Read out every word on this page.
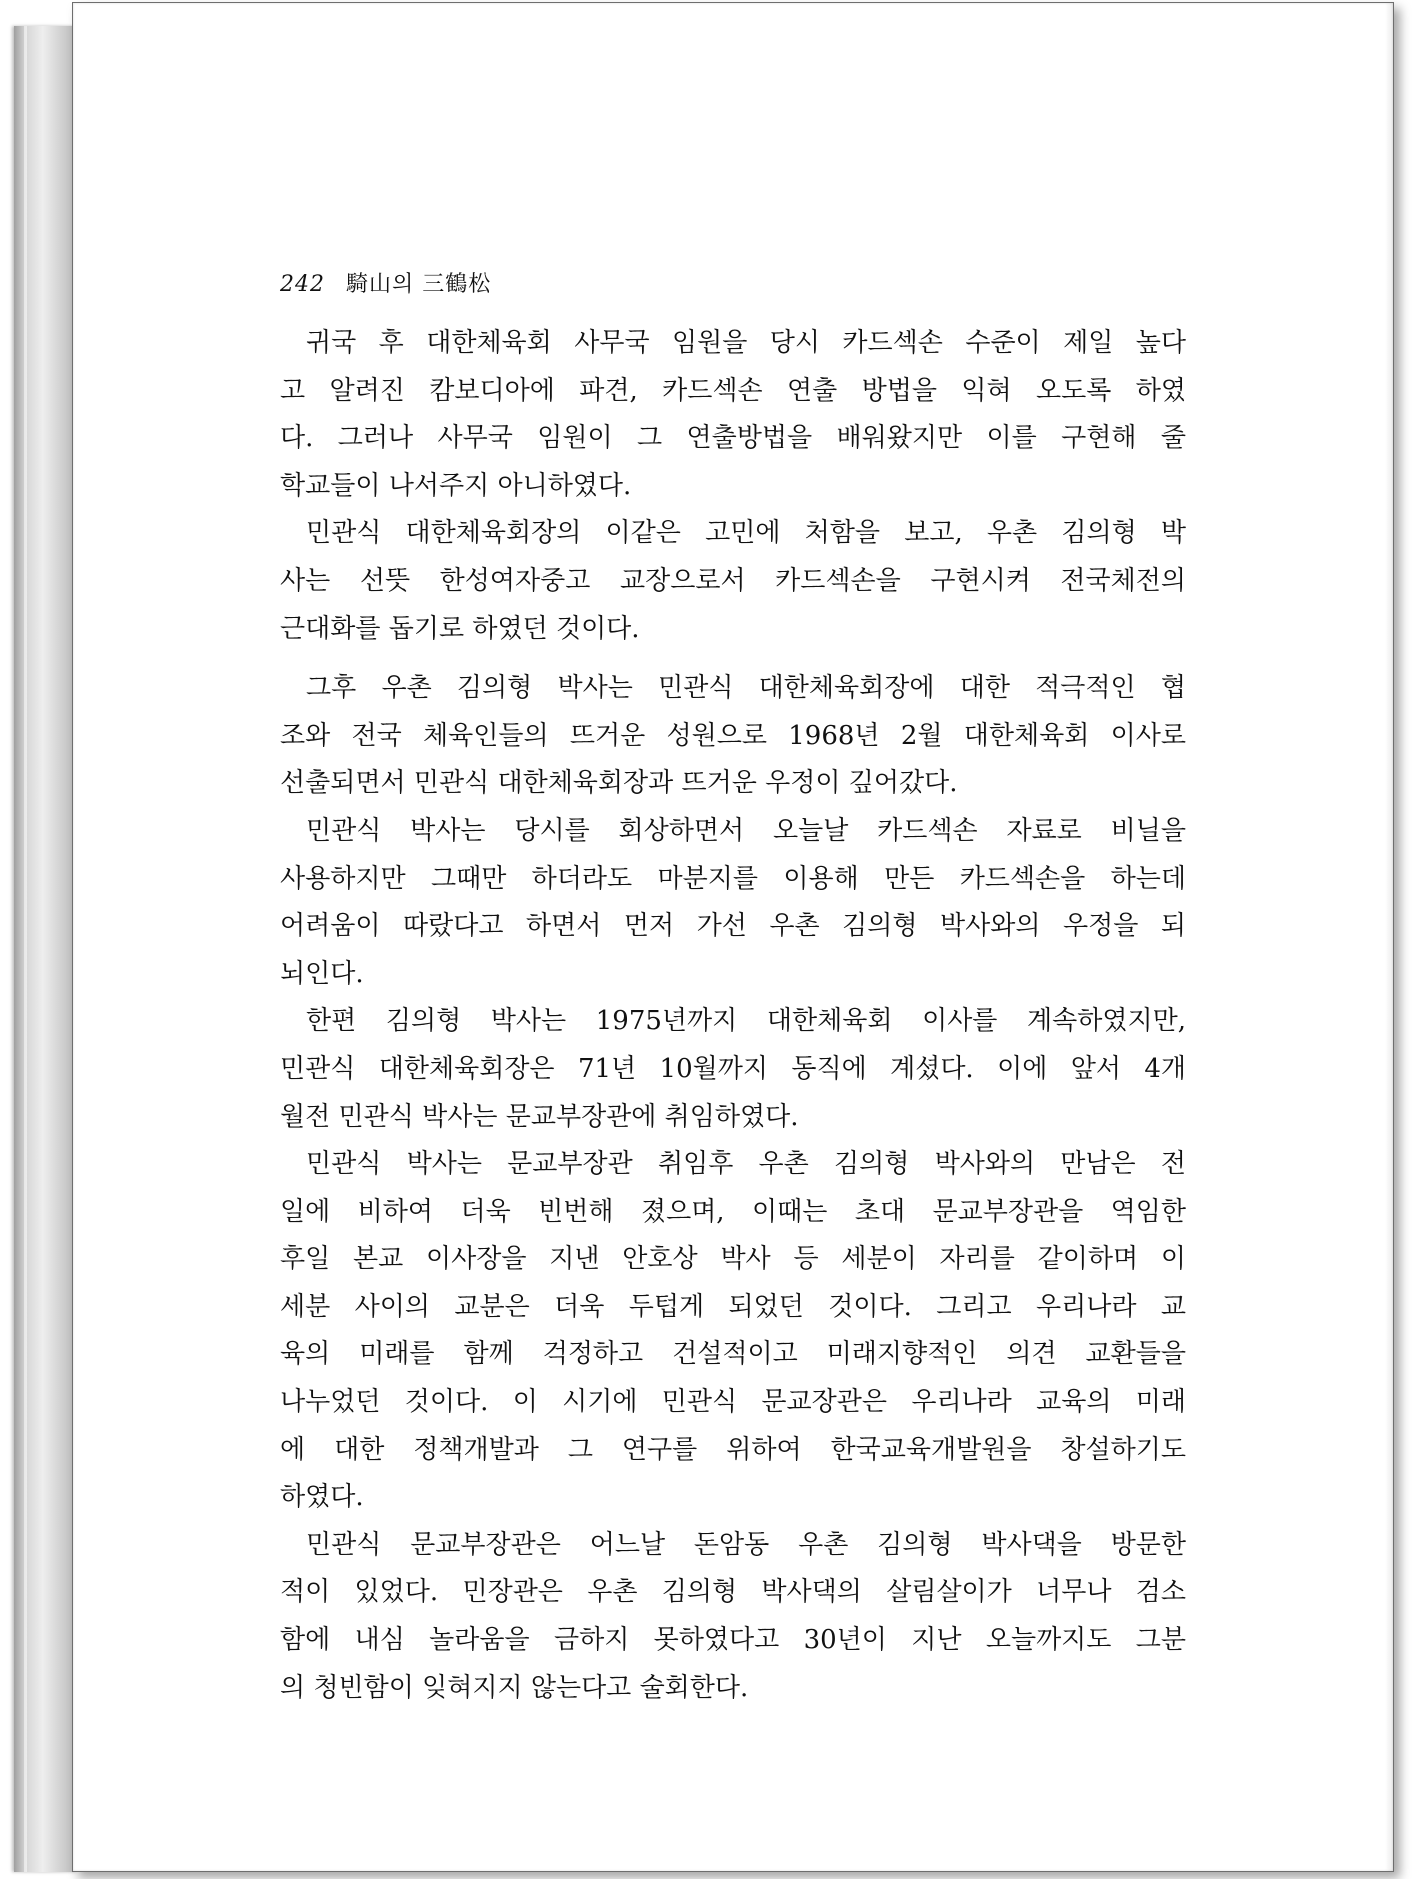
242 騎山의 三鶴松

귀국 후 대한체육회 사무국 임원을 당시 카드섹손 수준이 제일 높다
고 알려진 캄보디아에 파견, 카드섹손 연출 방법을 익혀 오도록 하였
다. 그러나 사무국 임원이 그 연출방법을 배워왔지만 이를 구현해 줄
학교들이 나서주지 아니하였다.

민관식 대한체육회장의 이같은 고민에 처함을 보고, 우촌 김의형 박
사는 선뜻 한성여자중고 교장으로서 카드섹손을 구현시켜 전국체전의
근대화를 돕기로 하였던 것이다.

그후 우촌 김의형 박사는 민관식 대한체육회장에 대한 적극적인 협
조와 전국 체육인들의 뜨거운 성원으로 1968년 2월 대한체육회 이사로
선출되면서 민관식 대한체육회장과 뜨거운 우정이 깊어갔다.

민관식 박사는 당시를 회상하면서 오늘날 카드섹손 자료로 비닐을
사용하지만 그때만 하더라도 마분지를 이용해 만든 카드섹손을 하는데
어려움이 따랐다고 하면서 먼저 가선 우촌 김의형 박사와의 우정을 되
뇌인다.

한편 김의형 박사는 1975년까지 대한체육회 이사를 계속하였지만,
민관식 대한체육회장은 71년 10월까지 동직에 계셨다. 이에 앞서 4개
월전 민관식 박사는 문교부장관에 취임하였다.

민관식 박사는 문교부장관 취임후 우촌 김의형 박사와의 만남은 전
일에 비하여 더욱 빈번해 졌으며, 이때는 초대 문교부장관을 역임한
후일 본교 이사장을 지낸 안호상 박사 등 세분이 자리를 같이하며 이
세분 사이의 교분은 더욱 두텁게 되었던 것이다. 그리고 우리나라 교
육의 미래를 함께 걱정하고 건설적이고 미래지향적인 의견 교환들을
나누었던 것이다. 이 시기에 민관식 문교장관은 우리나라 교육의 미래
에 대한 정책개발과 그 연구를 위하여 한국교육개발원을 창설하기도
하였다.

민관식 문교부장관은 어느날 돈암동 우촌 김의형 박사댁을 방문한
적이 있었다. 민장관은 우촌 김의형 박사댁의 살림살이가 너무나 검소
함에 내심 놀라움을 금하지 못하였다고 30년이 지난 오늘까지도 그분
의 청빈함이 잊혀지지 않는다고 술회한다.
